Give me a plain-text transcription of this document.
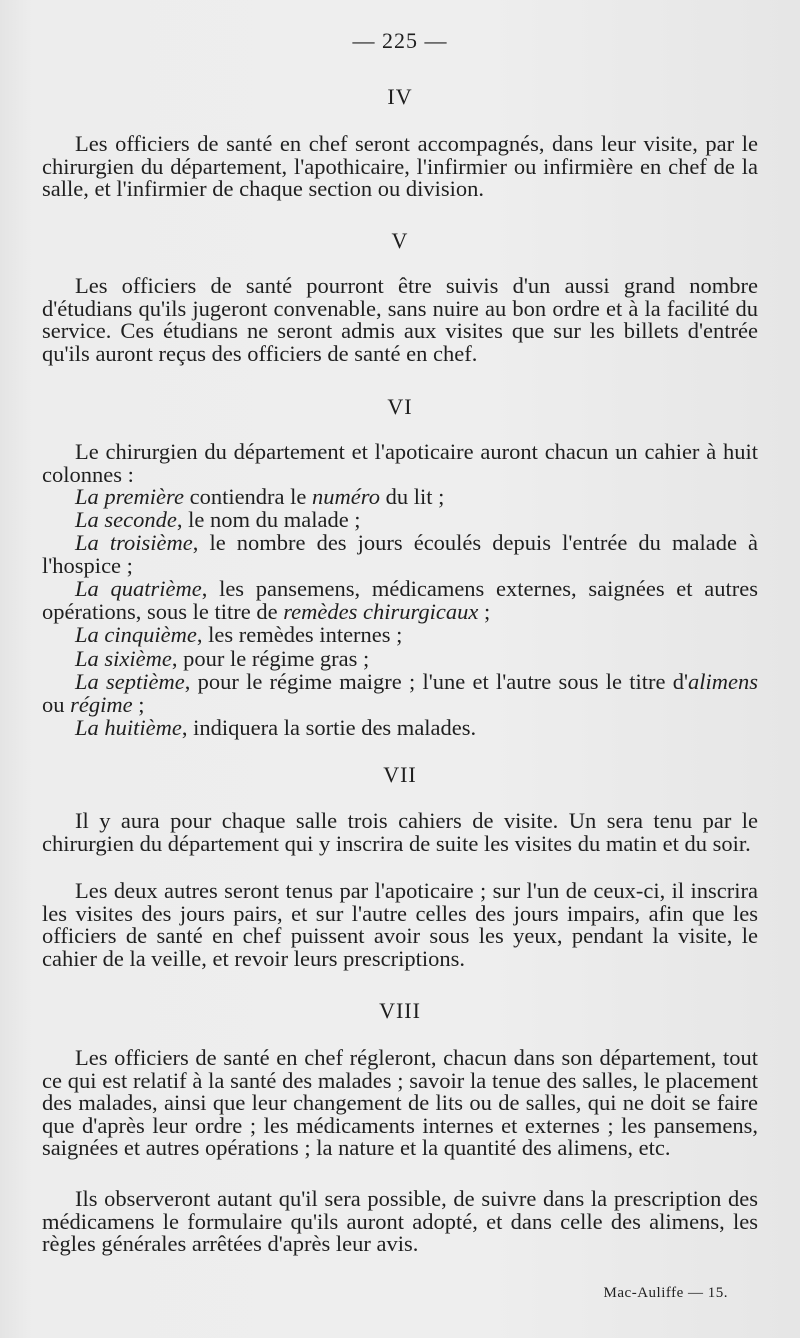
— 225 —
IV
Les officiers de santé en chef seront accompagnés, dans leur visite, par le chirurgien du département, l'apothicaire, l'infirmier ou infirmière en chef de la salle, et l'infirmier de chaque section ou division.
V
Les officiers de santé pourront être suivis d'un aussi grand nombre d'étudians qu'ils jugeront convenable, sans nuire au bon ordre et à la facilité du service. Ces étudians ne seront admis aux visites que sur les billets d'entrée qu'ils auront reçus des officiers de santé en chef.
VI
Le chirurgien du département et l'apoticaire auront chacun un cahier à huit colonnes :
La première contiendra le numéro du lit ;
La seconde, le nom du malade ;
La troisième, le nombre des jours écoulés depuis l'entrée du malade à l'hospice ;
La quatrième, les pansemens, médicamens externes, saignées et autres opérations, sous le titre de remèdes chirurgicaux ;
La cinquième, les remèdes internes ;
La sixième, pour le régime gras ;
La septième, pour le régime maigre ; l'une et l'autre sous le titre d'alimens ou régime ;
La huitième, indiquera la sortie des malades.
VII
Il y aura pour chaque salle trois cahiers de visite. Un sera tenu par le chirurgien du département qui y inscrira de suite les visites du matin et du soir.
Les deux autres seront tenus par l'apoticaire ; sur l'un de ceux-ci, il inscrira les visites des jours pairs, et sur l'autre celles des jours impairs, afin que les officiers de santé en chef puissent avoir sous les yeux, pendant la visite, le cahier de la veille, et revoir leurs prescriptions.
VIII
Les officiers de santé en chef régleront, chacun dans son département, tout ce qui est relatif à la santé des malades ; savoir la tenue des salles, le placement des malades, ainsi que leur changement de lits ou de salles, qui ne doit se faire que d'après leur ordre ; les médicaments internes et externes ; les pansemens, saignées et autres opérations ; la nature et la quantité des alimens, etc.
Ils observeront autant qu'il sera possible, de suivre dans la prescription des médicamens le formulaire qu'ils auront adopté, et dans celle des alimens, les règles générales arrêtées d'après leur avis.
Mac-Auliffe — 15.
